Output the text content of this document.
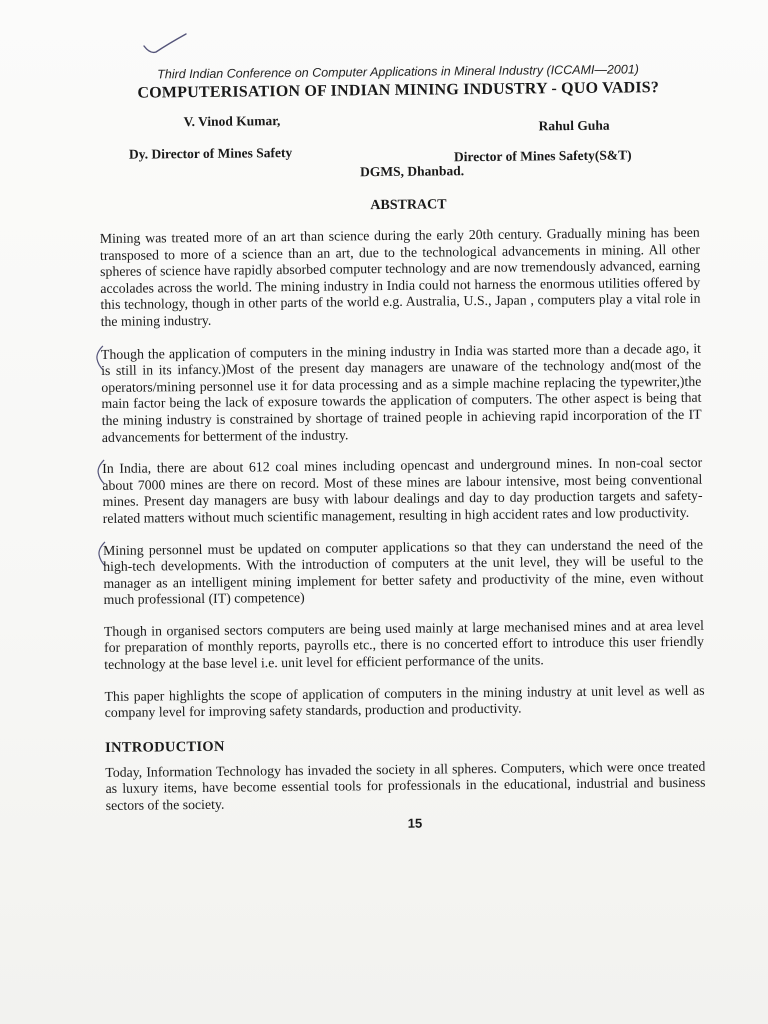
Third Indian Conference on Computer Applications in Mineral Industry (ICCAMI—2001)

COMPUTERISATION OF INDIAN MINING INDUSTRY - QUO VADIS?
V. Vinod Kumar,	Rahul Guha
Dy. Director of Mines Safety	Director of Mines Safety(S&T)

DGMS, Dhanbad.

ABSTRACT

Mining was treated more of an art than science during the early 20th century. Gradually mining has been transposed to more of a science than an art, due to the technological advancements in mining. All other spheres of science have rapidly absorbed computer technology and are now tremendously advanced, earning accolades across the world. The mining industry in India could not harness the enormous utilities offered by this technology, though in other parts of the world e.g. Australia, U.S., Japan , computers play a vital role in the mining industry.

Though the application of computers in the mining industry in India was started more than a decade ago, it is still in its infancy.)Most of the present day managers are unaware of the technology and(most of the operators/mining personnel use it for data processing and as a simple machine replacing the typewriter,)the main factor being the lack of exposure towards the application of computers. The other aspect is being that the mining industry is constrained by shortage of trained people in achieving rapid incorporation of the IT advancements for betterment of the industry.

In India, there are about 612 coal mines including opencast and underground mines. In non-coal sector about 7000 mines are there on record. Most of these mines are labour intensive, most being conventional mines. Present day managers are busy with labour dealings and day to day production targets and safety-related matters without much scientific management, resulting in high accident rates and low productivity.

Mining personnel must be updated on computer applications so that they can understand the need of the high-tech developments. With the introduction of computers at the unit level, they will be useful to the manager as an intelligent mining implement for better safety and productivity of the mine, even without much professional (IT) competence)

Though in organised sectors computers are being used mainly at large mechanised mines and at area level for preparation of monthly reports, payrolls etc., there is no concerted effort to introduce this user friendly technology at the base level i.e. unit level for efficient performance of the units.

This paper highlights the scope of application of computers in the mining industry at unit level as well as company level for improving safety standards, production and productivity.

INTRODUCTION

Today, Information Technology has invaded the society in all spheres. Computers, which were once treated as luxury items, have become essential tools for professionals in the educational, industrial and business sectors of the society.

15
